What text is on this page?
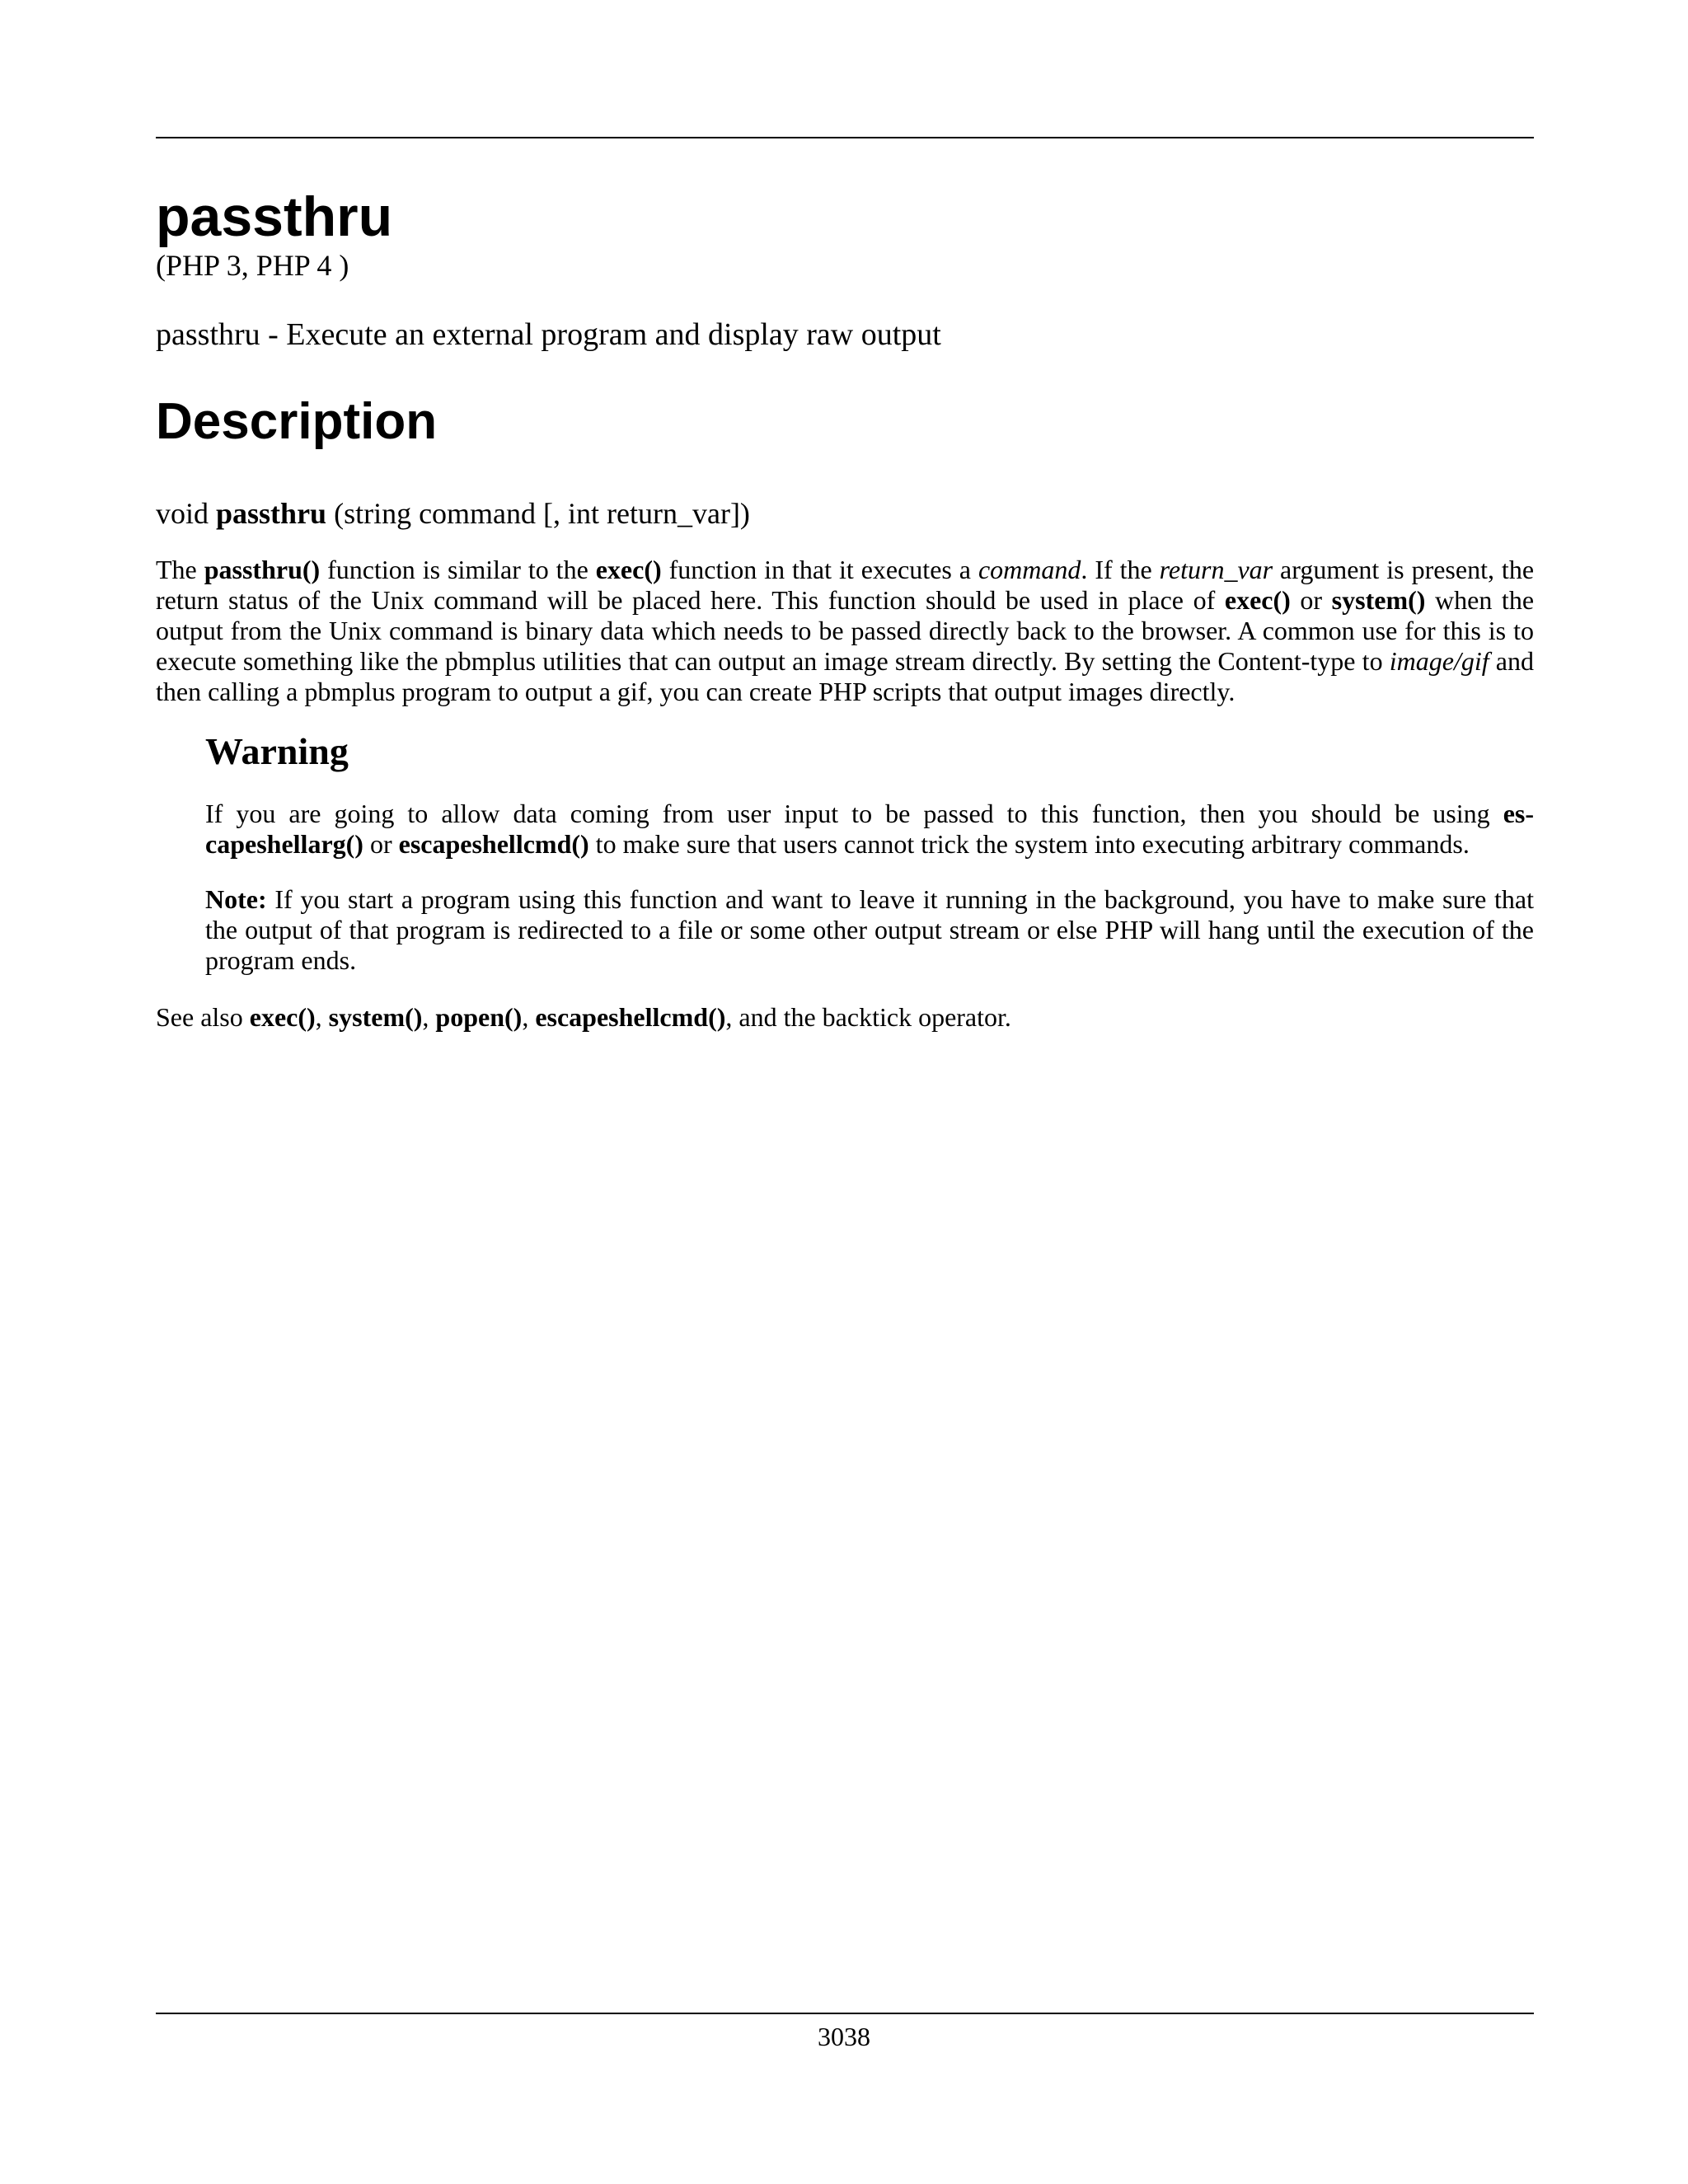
passthru

(PHP 3, PHP 4 )

passthru - Execute an external program and display raw output

Description

void passthru (string command [, int return_var])

The passthru() function is similar to the exec() function in that it executes a command. If the return_var argument is present, the return status of the Unix command will be placed here. This function should be used in place of exec() or system() when the output from the Unix command is binary data which needs to be passed directly back to the browser. A common use for this is to execute something like the pbmplus utilities that can output an image stream directly. By setting the Content-type to image/gif and then calling a pbmplus program to output a gif, you can create PHP scripts that output images directly.

Warning

If you are going to allow data coming from user input to be passed to this function, then you should be using escapeshellarg() or escapeshellcmd() to make sure that users cannot trick the system into executing arbitrary commands.

Note: If you start a program using this function and want to leave it running in the background, you have to make sure that the output of that program is redirected to a file or some other output stream or else PHP will hang until the execution of the program ends.

See also exec(), system(), popen(), escapeshellcmd(), and the backtick operator.

3038
